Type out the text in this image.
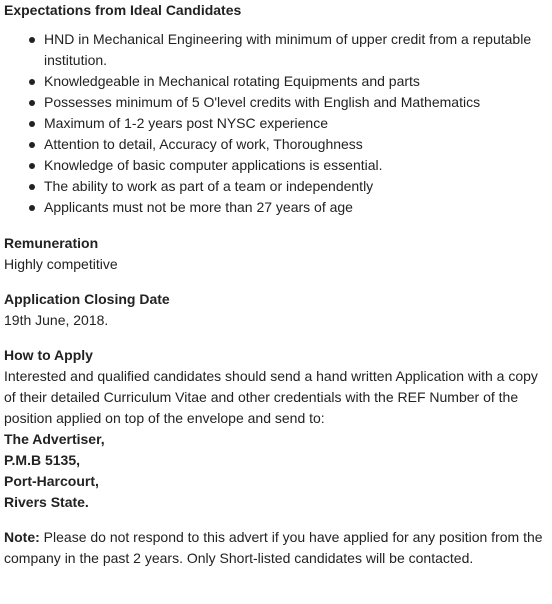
Expectations from Ideal Candidates
HND in Mechanical Engineering with minimum of upper credit from a reputable institution.
Knowledgeable in Mechanical rotating Equipments and parts
Possesses minimum of 5 O'level credits with English and Mathematics
Maximum of 1-2 years post NYSC experience
Attention to detail, Accuracy of work, Thoroughness
Knowledge of basic computer applications is essential.
The ability to work as part of a team or independently
Applicants must not be more than 27 years of age
Remuneration

Highly competitive

Application Closing Date

19th June, 2018.

How to Apply

Interested and qualified candidates should send a hand written Application with a copy of their detailed Curriculum Vitae and other credentials with the REF Number of the position applied on top of the envelope and send to:

The Advertiser,
P.M.B 5135,
Port-Harcourt,
Rivers State.

Note: Please do not respond to this advert if you have applied for any position from the company in the past 2 years. Only Short-listed candidates will be contacted.
